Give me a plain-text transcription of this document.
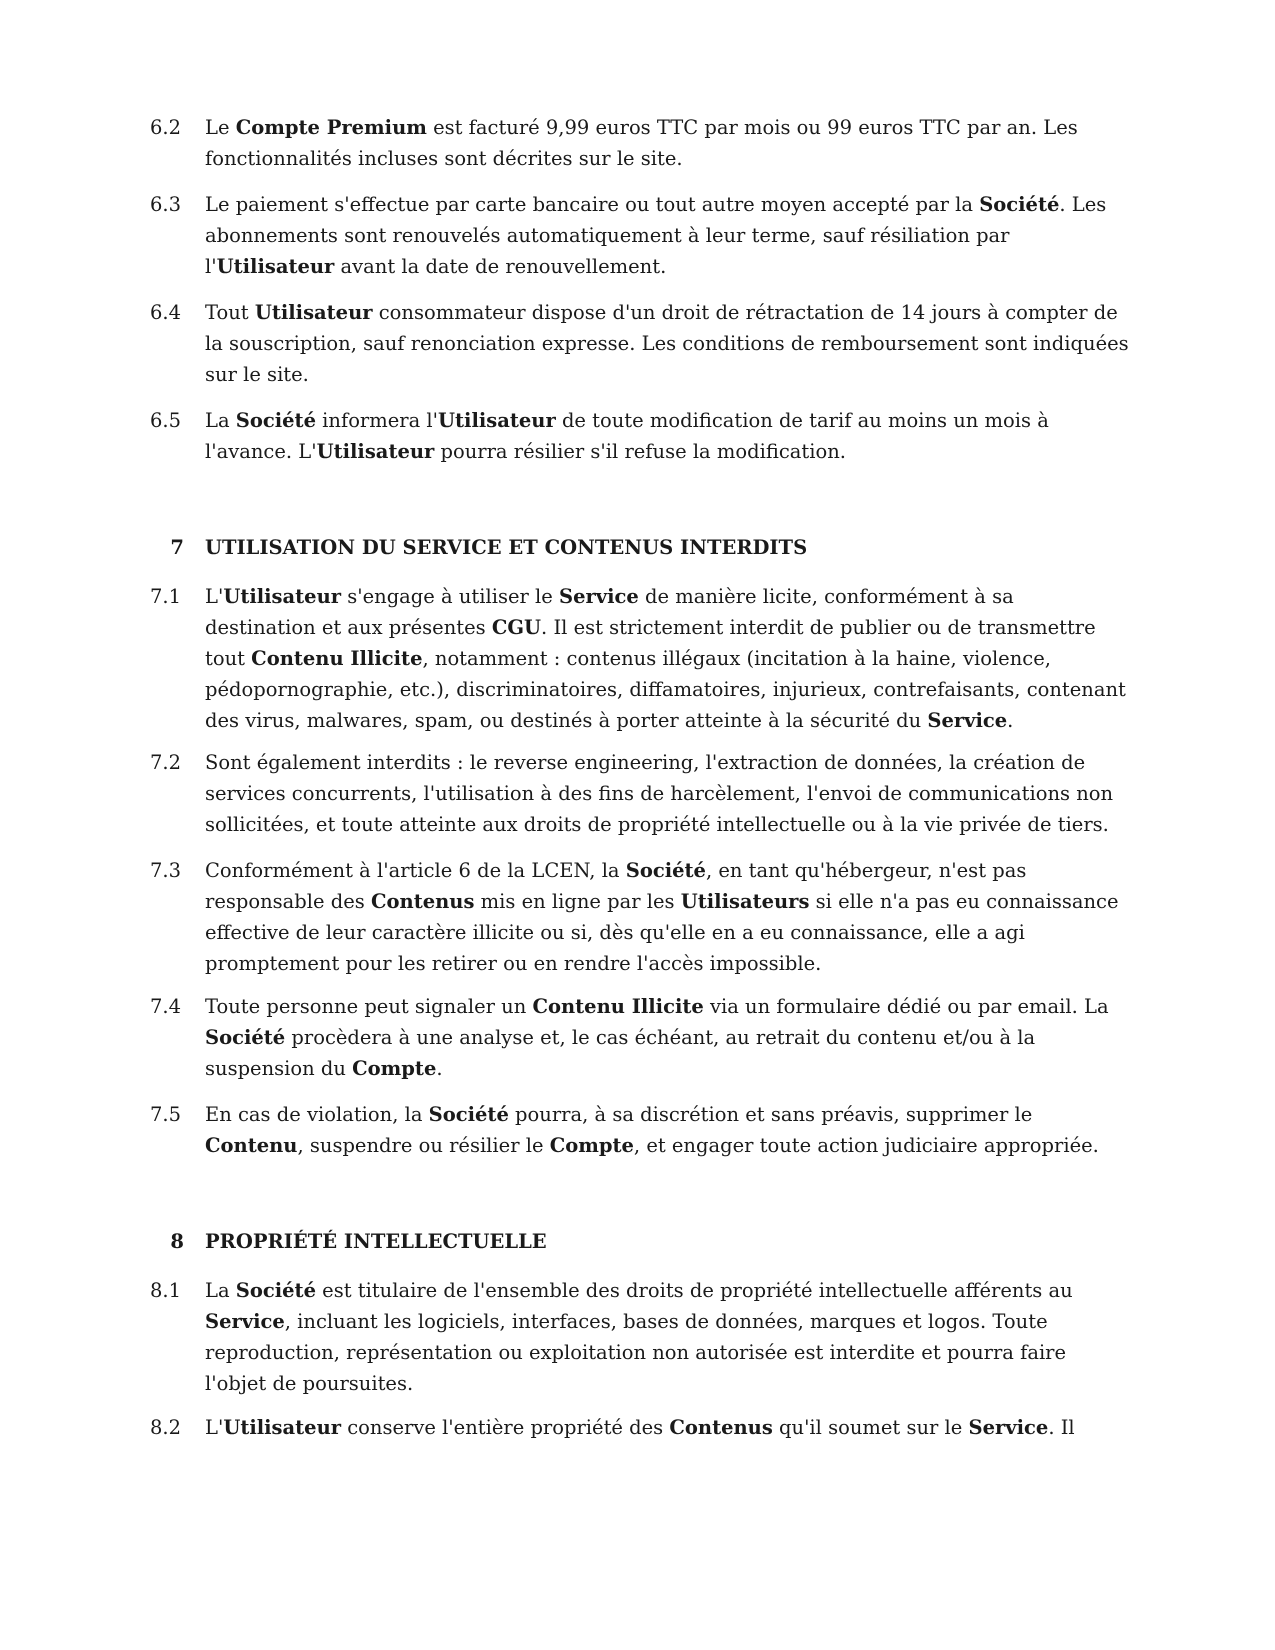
6.2	Le Compte Premium est facturé 9,99 euros TTC par mois ou 99 euros TTC par an. Les fonctionnalités incluses sont décrites sur le site.
6.3	Le paiement s'effectue par carte bancaire ou tout autre moyen accepté par la Société. Les abonnements sont renouvelés automatiquement à leur terme, sauf résiliation par l'Utilisateur avant la date de renouvellement.
6.4	Tout Utilisateur consommateur dispose d'un droit de rétractation de 14 jours à compter de la souscription, sauf renonciation expresse. Les conditions de remboursement sont indiquées sur le site.
6.5	La Société informera l'Utilisateur de toute modification de tarif au moins un mois à l'avance. L'Utilisateur pourra résilier s'il refuse la modification.
7 UTILISATION DU SERVICE ET CONTENUS INTERDITS
7.1	L'Utilisateur s'engage à utiliser le Service de manière licite, conformément à sa destination et aux présentes CGU. Il est strictement interdit de publier ou de transmettre tout Contenu Illicite, notamment : contenus illégaux (incitation à la haine, violence, pédopornographie, etc.), discriminatoires, diffamatoires, injurieux, contrefaisants, contenant des virus, malwares, spam, ou destinés à porter atteinte à la sécurité du Service.
7.2	Sont également interdits : le reverse engineering, l'extraction de données, la création de services concurrents, l'utilisation à des fins de harcèlement, l'envoi de communications non sollicitées, et toute atteinte aux droits de propriété intellectuelle ou à la vie privée de tiers.
7.3	Conformément à l'article 6 de la LCEN, la Société, en tant qu'hébergeur, n'est pas responsable des Contenus mis en ligne par les Utilisateurs si elle n'a pas eu connaissance effective de leur caractère illicite ou si, dès qu'elle en a eu connaissance, elle a agi promptement pour les retirer ou en rendre l'accès impossible.
7.4	Toute personne peut signaler un Contenu Illicite via un formulaire dédié ou par email. La Société procèdera à une analyse et, le cas échéant, au retrait du contenu et/ou à la suspension du Compte.
7.5	En cas de violation, la Société pourra, à sa discrétion et sans préavis, supprimer le Contenu, suspendre ou résilier le Compte, et engager toute action judiciaire appropriée.
8 PROPRIÉTÉ INTELLECTUELLE
8.1	La Société est titulaire de l'ensemble des droits de propriété intellectuelle afférents au Service, incluant les logiciels, interfaces, bases de données, marques et logos. Toute reproduction, représentation ou exploitation non autorisée est interdite et pourra faire l'objet de poursuites.
8.2	L'Utilisateur conserve l'entière propriété des Contenus qu'il soumet sur le Service. Il
